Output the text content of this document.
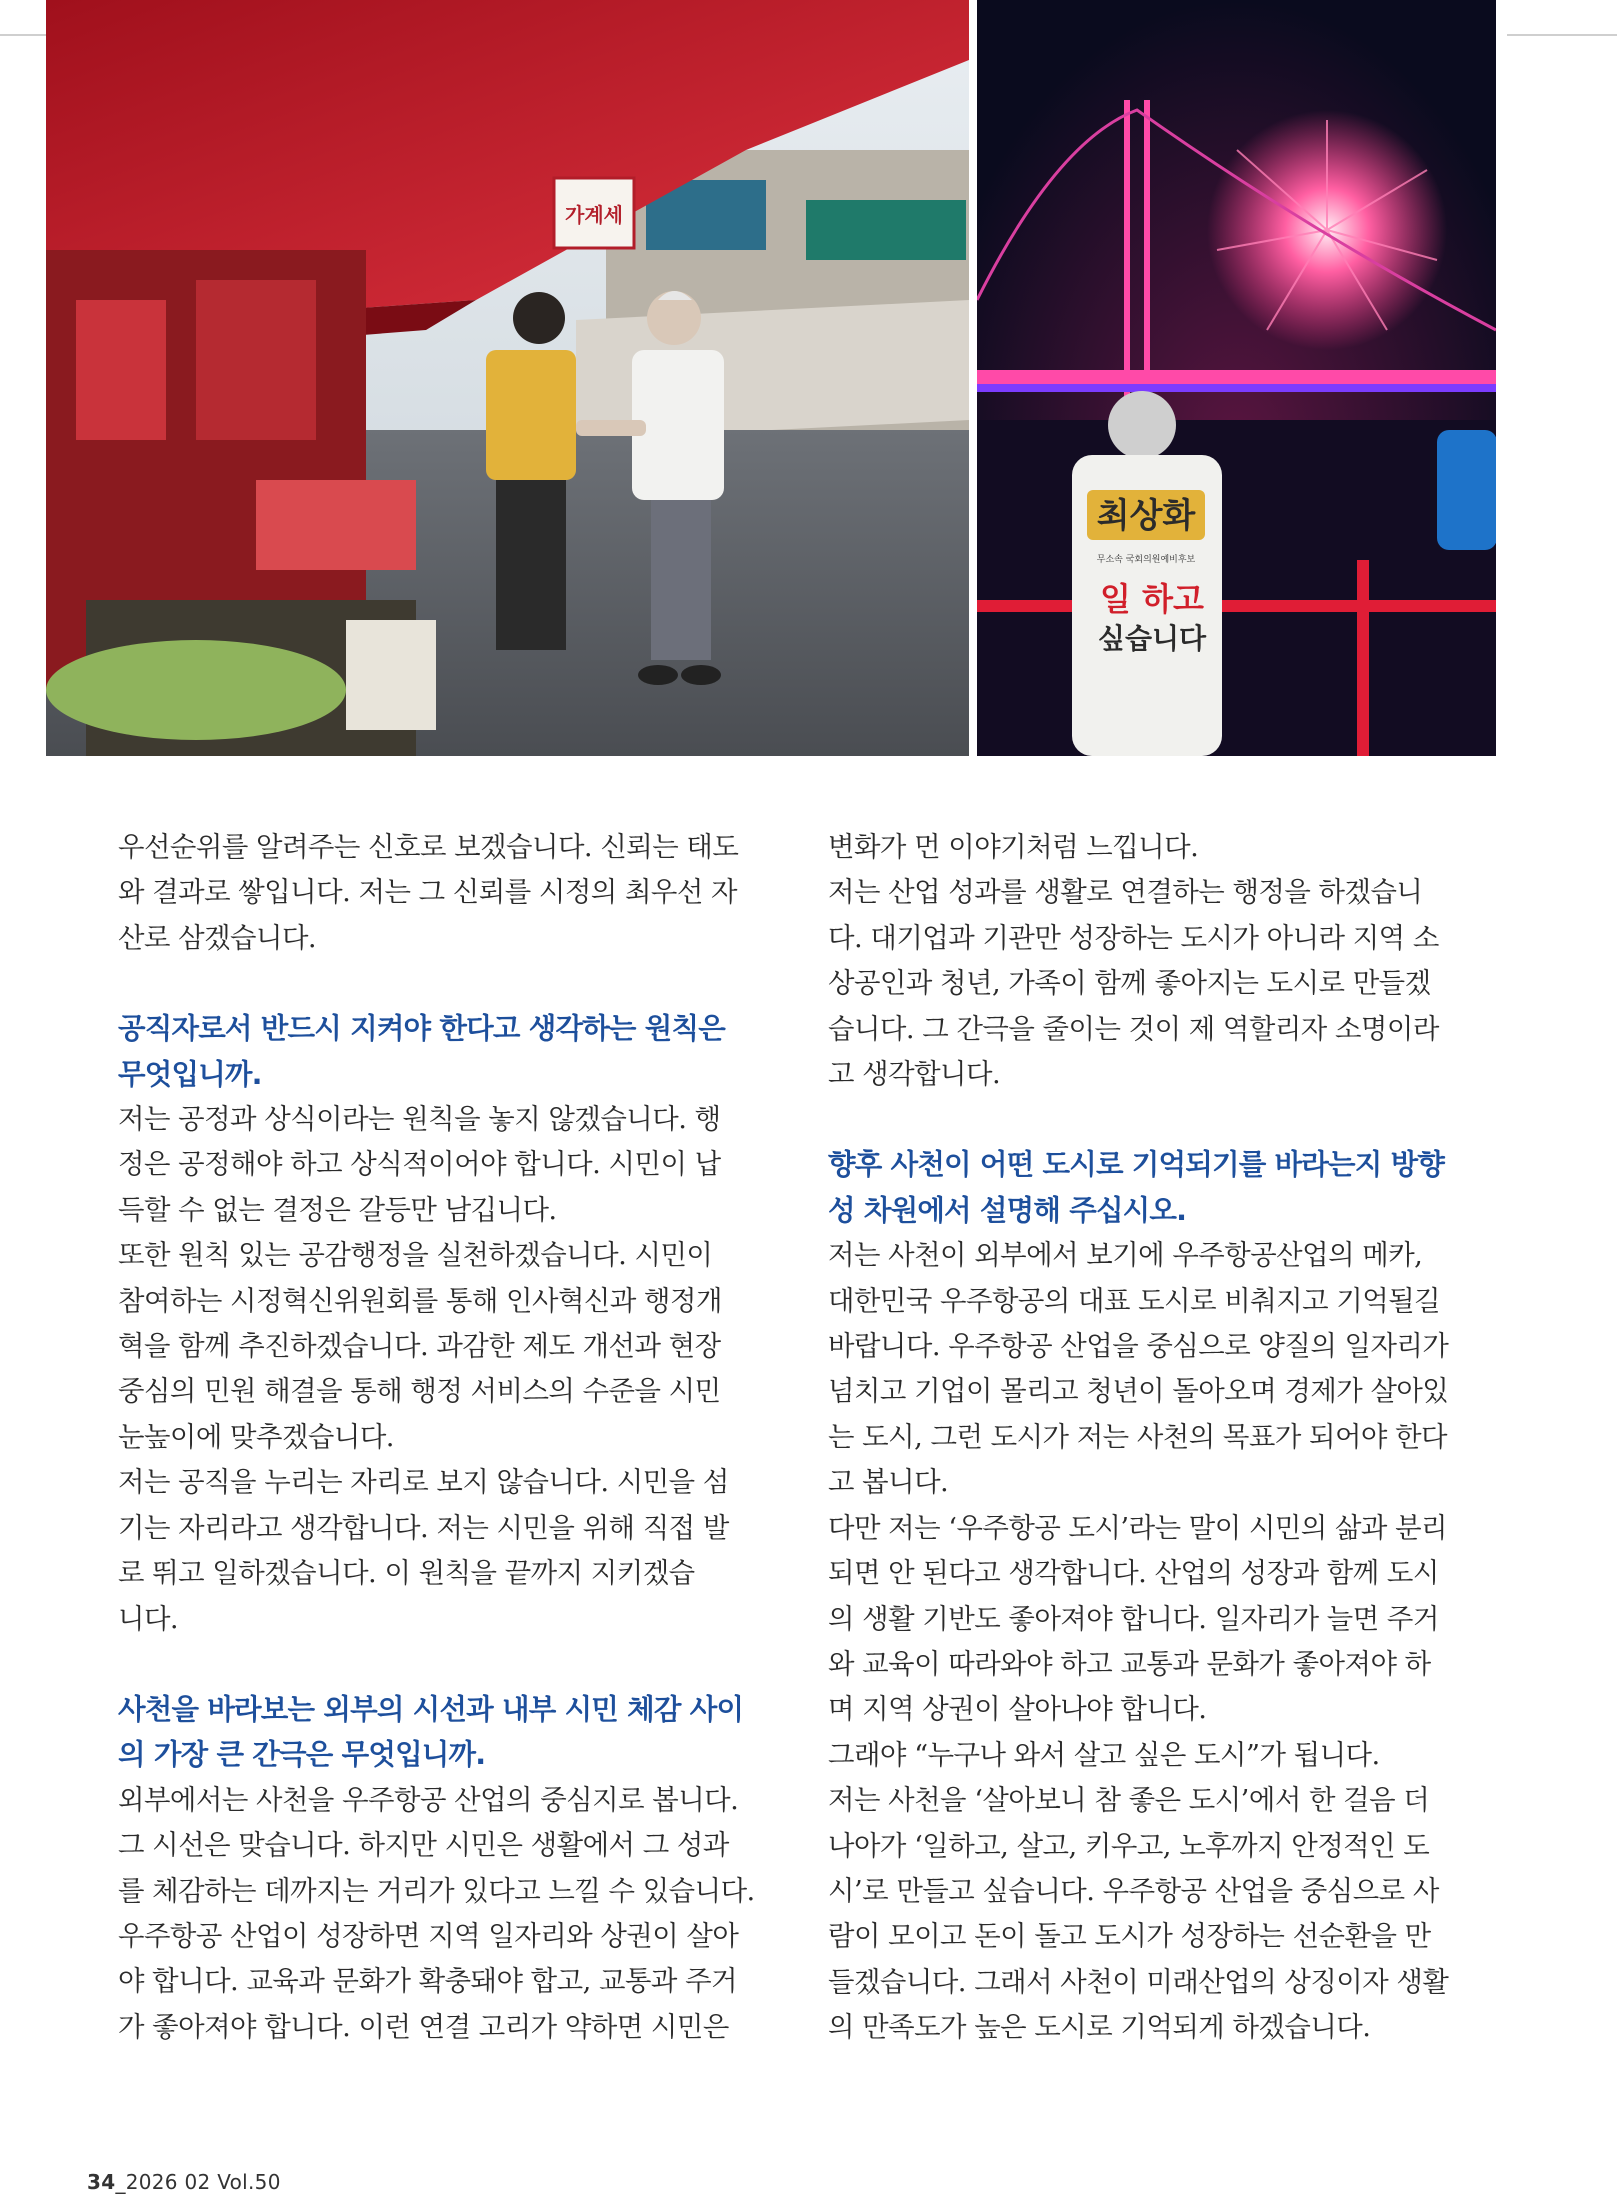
가계세
최상화
무소속 국회의원예비후보
일 하고
싶습니다

우선순위를 알려주는 신호로 보겠습니다. 신뢰는 태도
와 결과로 쌓입니다. 저는 그 신뢰를 시정의 최우선 자
산로 삼겠습니다.

공직자로서 반드시 지켜야 한다고 생각하는 원칙은
무엇입니까.

저는 공정과 상식이라는 원칙을 놓지 않겠습니다. 행
정은 공정해야 하고 상식적이어야 합니다. 시민이 납
득할 수 없는 결정은 갈등만 남깁니다.
또한 원칙 있는 공감행정을 실천하겠습니다. 시민이
참여하는 시정혁신위원회를 통해 인사혁신과 행정개
혁을 함께 추진하겠습니다. 과감한 제도 개선과 현장
중심의 민원 해결을 통해 행정 서비스의 수준을 시민
눈높이에 맞추겠습니다.
저는 공직을 누리는 자리로 보지 않습니다. 시민을 섬
기는 자리라고 생각합니다. 저는 시민을 위해 직접 발
로 뛰고 일하겠습니다. 이 원칙을 끝까지 지키겠습
니다.

사천을 바라보는 외부의 시선과 내부 시민 체감 사이
의 가장 큰 간극은 무엇입니까.

외부에서는 사천을 우주항공 산업의 중심지로 봅니다.
그 시선은 맞습니다. 하지만 시민은 생활에서 그 성과
를 체감하는 데까지는 거리가 있다고 느낄 수 있습니다.
우주항공 산업이 성장하면 지역 일자리와 상권이 살아
야 합니다. 교육과 문화가 확충돼야 합고, 교통과 주거
가 좋아져야 합니다. 이런 연결 고리가 약하면 시민은

변화가 먼 이야기처럼 느낍니다.
저는 산업 성과를 생활로 연결하는 행정을 하겠습니
다. 대기업과 기관만 성장하는 도시가 아니라 지역 소
상공인과 청년, 가족이 함께 좋아지는 도시로 만들겠
습니다. 그 간극을 줄이는 것이 제 역할리자 소명이라
고 생각합니다.

향후 사천이 어떤 도시로 기억되기를 바라는지 방향
성 차원에서 설명해 주십시오.

저는 사천이 외부에서 보기에 우주항공산업의 메카,
대한민국 우주항공의 대표 도시로 비춰지고 기억될길
바랍니다. 우주항공 산업을 중심으로 양질의 일자리가
넘치고 기업이 몰리고 청년이 돌아오며 경제가 살아있
는 도시, 그런 도시가 저는 사천의 목표가 되어야 한다
고 봅니다.
다만 저는 ‘우주항공 도시’라는 말이 시민의 삶과 분리
되면 안 된다고 생각합니다. 산업의 성장과 함께 도시
의 생활 기반도 좋아져야 합니다. 일자리가 늘면 주거
와 교육이 따라와야 하고 교통과 문화가 좋아져야 하
며 지역 상권이 살아나야 합니다.
그래야 “누구나 와서 살고 싶은 도시”가 됩니다.
저는 사천을 ‘살아보니 참 좋은 도시’에서 한 걸음 더
나아가 ‘일하고, 살고, 키우고, 노후까지 안정적인 도
시’로 만들고 싶습니다. 우주항공 산업을 중심으로 사
람이 모이고 돈이 돌고 도시가 성장하는 선순환을 만
들겠습니다. 그래서 사천이 미래산업의 상징이자 생활
의 만족도가 높은 도시로 기억되게 하겠습니다.

34_2026 02 Vol.50
